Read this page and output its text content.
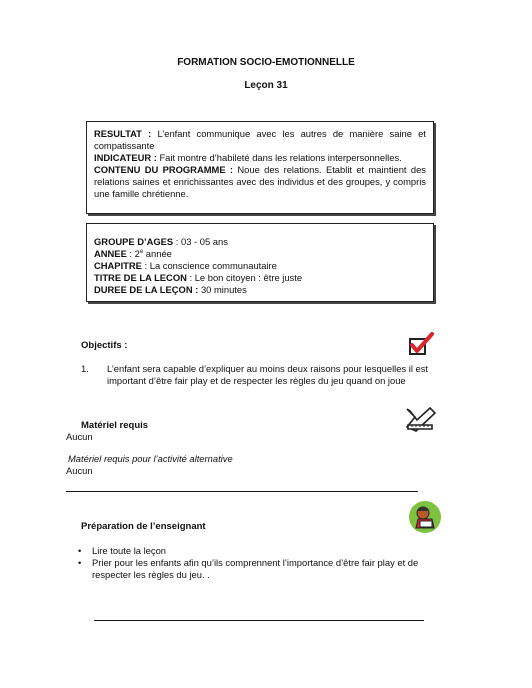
FORMATION SOCIO-EMOTIONNELLE
Leçon 31

RESULTAT : L’enfant communique avec les autres de manière saine et compatissante

INDICATEUR : Fait montre d’habileté dans les relations interpersonnelles.

CONTENU DU PROGRAMME : Noue des relations. Etablit et maintient des relations saines et enrichissantes avec des individus et des groupes, y compris une famille chrétienne.

GROUPE D’AGES : 03 - 05 ans

ANNEE : 2e année

CHAPITRE : La conscience communautaire

TITRE DE LA LECON : Le bon citoyen : être juste

DUREE DE LA LEÇON : 30 minutes

Objectifs :
1. L’enfant sera capable d’expliquer au moins deux raisons pour lesquelles il est important d’être fair play et de respecter les règles du jeu quand on joue
Matériel requis
Aucun
Matériel requis pour l’activité alternative
Aucun
Préparation de l’enseignant
• Lire toute la leçon
• Prier pour les enfants afin qu’ils comprennent l’importance d’être fair play et de respecter les règles du jeu. .
